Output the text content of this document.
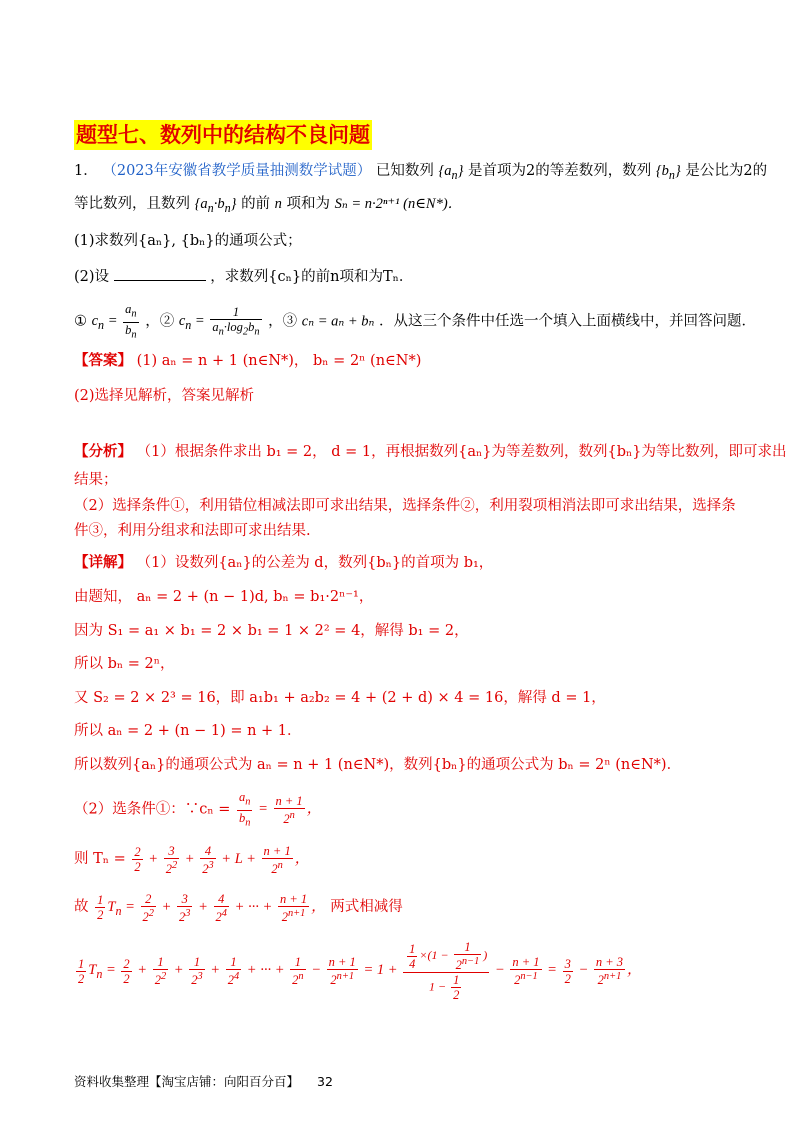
题型七、数列中的结构不良问题
1． （2023年安徽省教学质量抽测数学试题） 已知数列 $\{a_n\}$ 是首项为2的等差数列，数列 $\{b_n\}$ 是公比为2的
等比数列，且数列 $\{a_n\cdot b_n\}$ 的前 n 项和为 Sₙ = n·2ⁿ⁺¹ (n∈N*)．
(1)求数列{aₙ}, {bₙ}的通项公式；
(2)设	，求数列{cₙ}的前n项和为Tₙ．
① $c_n = \frac{a_n}{b_n}$ ，② $c_n = \frac{1}{a_n\cdot\log_2b_n}$ ，③ cₙ = aₙ + bₙ ．从这三个条件中任选一个填入上面横线中，并回答问题．
【答案】 (1) aₙ = n + 1 (n∈N*)， bₙ = 2ⁿ (n∈N*)
(2)选择见解析，答案见解析
【分析】 （1）根据条件求出 b₁ = 2， d = 1，再根据数列{aₙ}为等差数列，数列{bₙ}为等比数列，即可求出
结果；
（2）选择条件①，利用错位相减法即可求出结果，选择条件②，利用裂项相消法即可求出结果，选择条
件③，利用分组求和法即可求出结果.
【详解】 （1）设数列{aₙ}的公差为 d，数列{bₙ}的首项为 b₁，
由题知， aₙ = 2 + (n − 1)d, bₙ = b₁·2ⁿ⁻¹，
因为 S₁ = a₁ × b₁ = 2 × b₁ = 1 × 2² = 4，解得 b₁ = 2，
所以 bₙ = 2ⁿ，
又 S₂ = 2 × 2³ = 16，即 a₁b₁ + a₂b₂ = 4 + (2 + d) × 4 = 16，解得 d = 1，
所以 aₙ = 2 + (n − 1) = n + 1．
所以数列{aₙ}的通项公式为 aₙ = n + 1 (n∈N*)，数列{bₙ}的通项公式为 bₙ = 2ⁿ (n∈N*)．
（2）选条件①：∵cₙ = $\frac{a_n}{b_n} = \frac{n + 1}{2^n}$ ，
则 $T_n = \frac{2}{2} + \frac{3}{2^2} + \frac{4}{2^3} + L + \frac{n + 1}{2^n}$ ，
故 $\frac{1}{2} T_n = \frac{2}{2^2} + \frac{3}{2^3} + \frac{4}{2^4}$ + ··· + $\frac{n + 1}{2^{n+1}}$ ， 两式相减得
$\frac{1}{2} T_n = \frac{2}{2} + \frac{1}{2^2} + \frac{1}{2^3} + \frac{1}{2^4}$ + ··· + $\frac{1}{2^n} - \frac{n + 1}{2^{n+1}} = 1 + \frac{\frac{1}{4} \times(1 - \frac{1}{2^{n-1}} )}{1 - \frac{1}{2}} - \frac{n + 1}{2^{n-1}} = \frac{3}{2} - \frac{n + 3}{2^{n+1}}$ ，
资料收集整理【淘宝店铺：向阳百分百】 32
